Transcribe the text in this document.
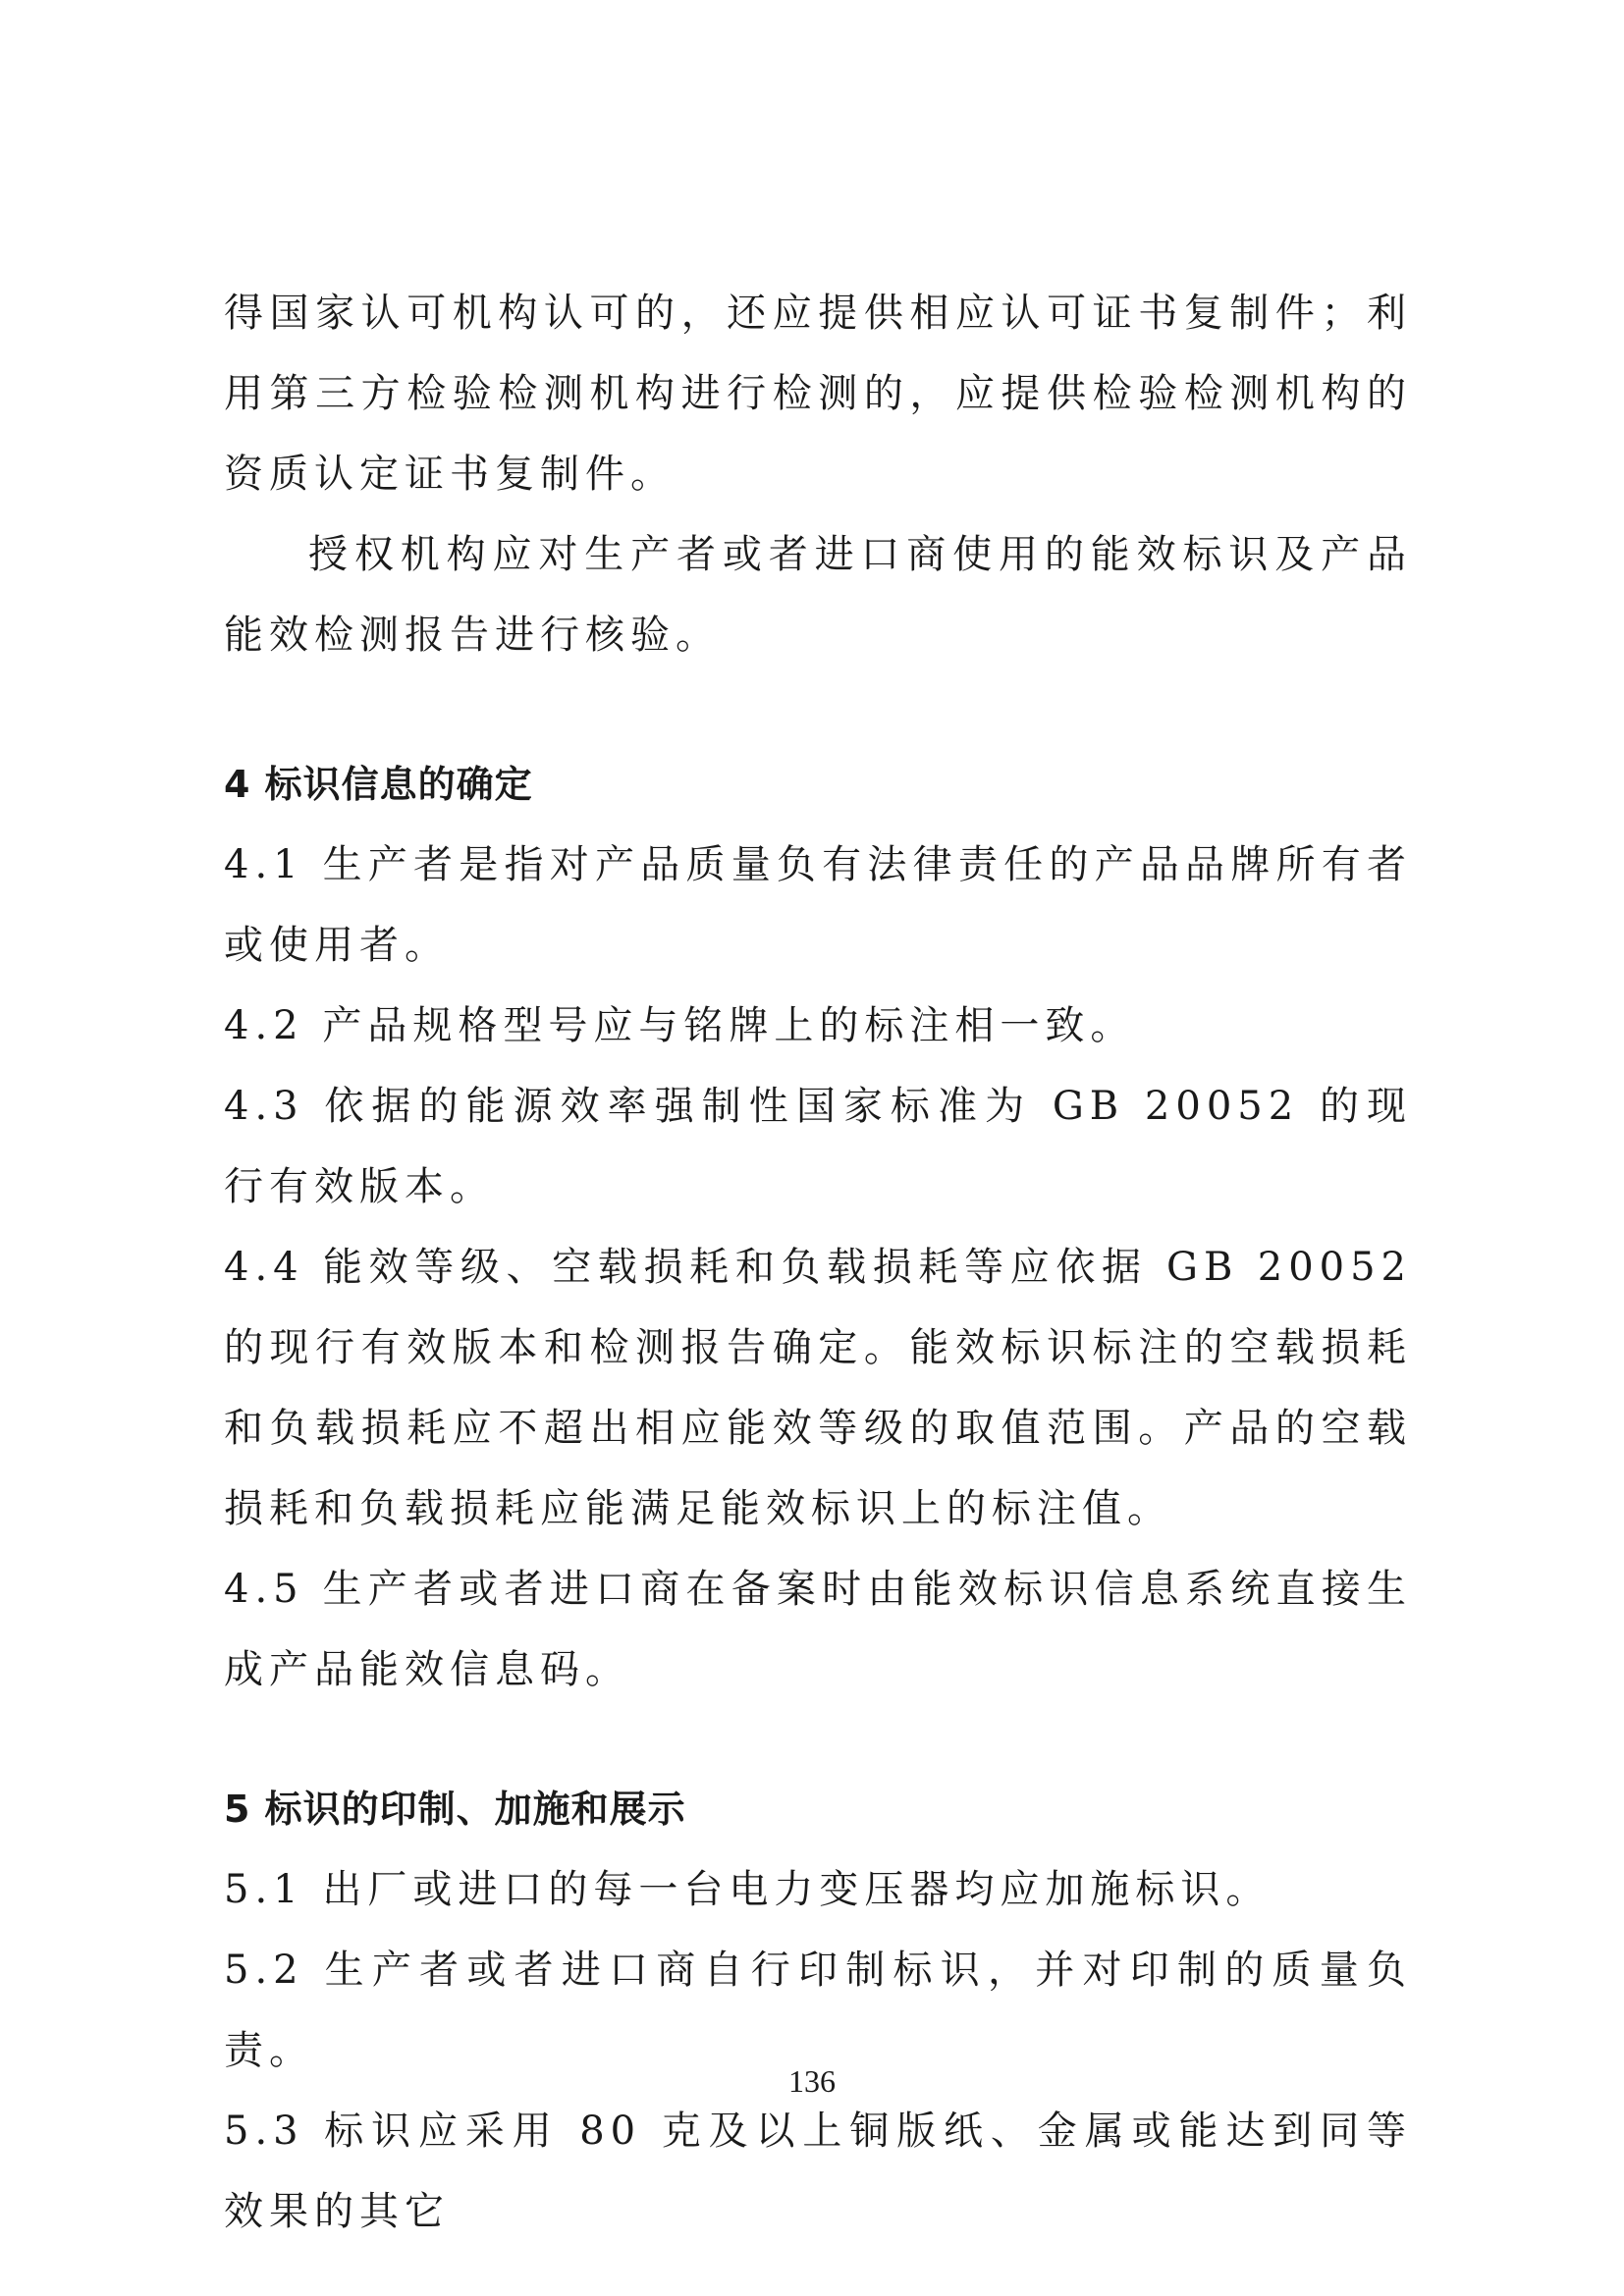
得国家认可机构认可的，还应提供相应认可证书复制件；利用第三方检验检测机构进行检测的，应提供检验检测机构的资质认定证书复制件。

授权机构应对生产者或者进口商使用的能效标识及产品能效检测报告进行核验。

4 标识信息的确定

4.1 生产者是指对产品质量负有法律责任的产品品牌所有者或使用者。

4.2 产品规格型号应与铭牌上的标注相一致。

4.3 依据的能源效率强制性国家标准为 GB 20052 的现行有效版本。

4.4 能效等级、空载损耗和负载损耗等应依据 GB 20052 的现行有效版本和检测报告确定。能效标识标注的空载损耗和负载损耗应不超出相应能效等级的取值范围。产品的空载损耗和负载损耗应能满足能效标识上的标注值。

4.5 生产者或者进口商在备案时由能效标识信息系统直接生成产品能效信息码。

5 标识的印制、加施和展示

5.1 出厂或进口的每一台电力变压器均应加施标识。

5.2 生产者或者进口商自行印制标识，并对印制的质量负责。

5.3 标识应采用 80 克及以上铜版纸、金属或能达到同等效果的其它

136
